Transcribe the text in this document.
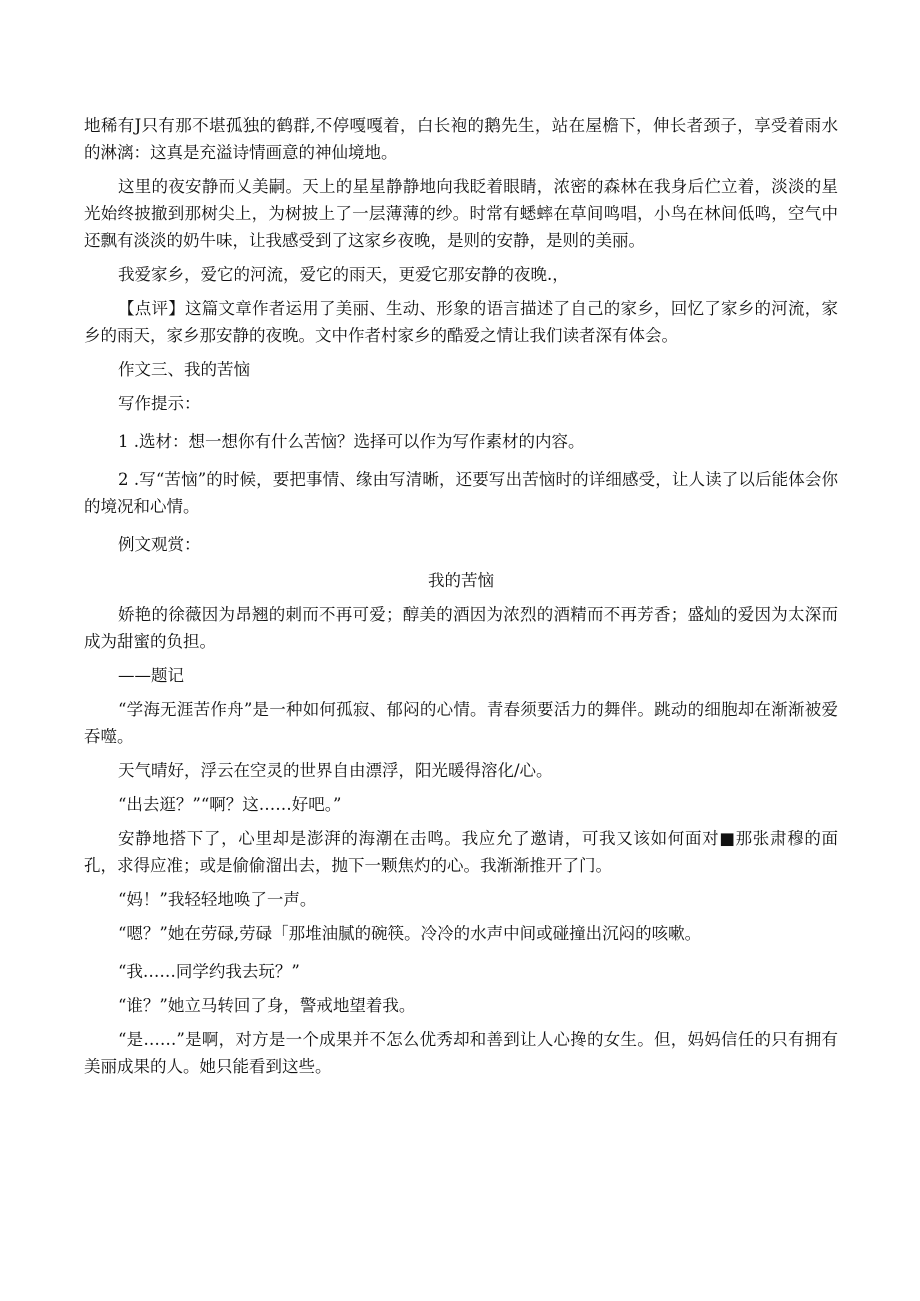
地稀有J只有那不堪孤独的鹤群,不停嘎嘎着，白长袍的鹅先生，站在屋檐下，伸长者颈子，享受着雨水的淋漓：这真是充溢诗情画意的神仙境地。

这里的夜安静而乂美嗣。天上的星星静静地向我眨着眼睛，浓密的森林在我身后伫立着，淡淡的星光始终披撤到那树尖上，为树披上了一层薄薄的纱。时常有蟋蟀在草间鸣唱，小鸟在林间低鸣，空气中还飘有淡淡的奶牛味，让我感受到了这家乡夜晚，是则的安静，是则的美丽。

我爱家乡，爱它的河流，爱它的雨天，更爱它那安静的夜晚.，

【点评】这篇文章作者运用了美丽、生动、形象的语言描述了自己的家乡，回忆了家乡的河流，家乡的雨天，家乡那安静的夜晚。文中作者村家乡的酷爱之情让我们读者深有体会。

作文三、我的苦恼

写作提示：

1 .选材：想一想你有什么苦恼？选择可以作为写作素材的内容。

2 .写“苦恼”的时候，要把事情、缘由写清晰，还要写出苦恼时的详细感受，让人读了以后能体会你的境况和心情。

例文观赏：

我的苦恼

娇艳的徐薇因为昂翘的刺而不再可爱；醇美的酒因为浓烈的酒精而不再芳香；盛灿的爱因为太深而成为甜蜜的负担。

——题记

“学海无涯苦作舟”是一种如何孤寂、郁闷的心情。青春须要活力的舞伴。跳动的细胞却在渐渐被爱吞噬。

天气晴好，浮云在空灵的世界自由漂浮，阳光暖得溶化/心。

“出去逛？”“啊？这……好吧。”

安静地搭下了，心里却是澎湃的海潮在击鸣。我应允了邀请，可我又该如何面对■那张肃穆的面孔，求得应准；或是偷偷溜出去，抛下一颗焦灼的心。我渐渐推开了门。

“妈！”我轻轻地唤了一声。

“嗯？”她在劳碌,劳碌「那堆油腻的碗筷。冷冷的水声中间或碰撞出沉闷的咳嗽。

“我……同学约我去玩？”

“谁？”她立马转回了身，警戒地望着我。

“是……”是啊，对方是一个成果并不怎么优秀却和善到让人心搀的女生。但，妈妈信任的只有拥有美丽成果的人。她只能看到这些。
